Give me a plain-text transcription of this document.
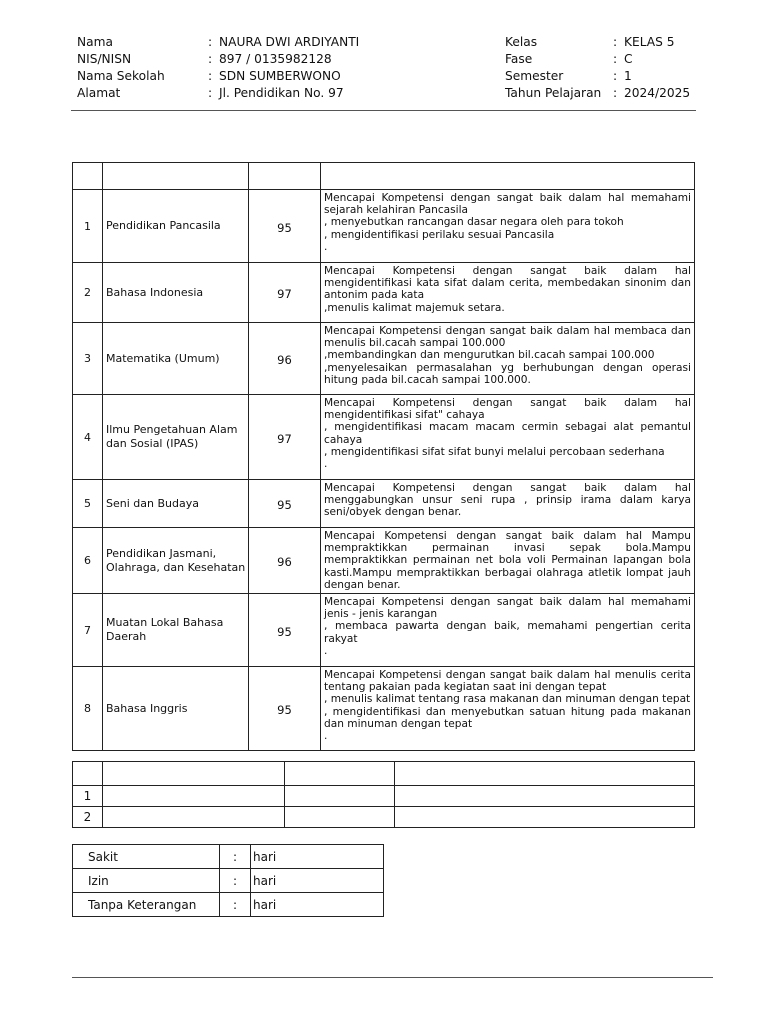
Nama	: NAURA DWI ARDIYANTI
NIS/NISN	: 897 / 0135982128
Nama Sekolah	: SDN SUMBERWONO
Alamat	: Jl. Pendidikan No. 97
Kelas	: KELAS 5
Fase	: C
Semester	: 1
Tahun Pelajaran : 2024/2025

1	Pendidikan Pancasila	95	Mencapai Kompetensi dengan sangat baik dalam hal memahami sejarah kelahiran Pancasila
, menyebutkan rancangan dasar negara oleh para tokoh
, mengidentifikasi perilaku sesuai Pancasila
.

2	Bahasa Indonesia	97	Mencapai Kompetensi dengan sangat baik dalam hal mengidentifikasi kata sifat dalam cerita, membedakan sinonim dan antonim pada kata
,menulis kalimat majemuk setara.

3	Matematika (Umum)	96	Mencapai Kompetensi dengan sangat baik dalam hal membaca dan menulis bil.cacah sampai 100.000
,membandingkan dan mengurutkan bil.cacah sampai 100.000
,menyelesaikan permasalahan yg berhubungan dengan operasi hitung pada bil.cacah sampai 100.000.

4	Ilmu Pengetahuan Alam dan Sosial (IPAS)	97	Mencapai Kompetensi dengan sangat baik dalam hal mengidentifikasi sifat" cahaya
, mengidentifikasi macam macam cermin sebagai alat pemantul cahaya
, mengidentifikasi sifat sifat bunyi melalui percobaan sederhana
.

5	Seni dan Budaya	95	Mencapai Kompetensi dengan sangat baik dalam hal menggabungkan unsur seni rupa , prinsip irama dalam karya seni/obyek dengan benar.

6	Pendidikan Jasmani, Olahraga, dan Kesehatan	96	Mencapai Kompetensi dengan sangat baik dalam hal Mampu mempraktikkan permainan invasi sepak bola.Mampu mempraktikkan permainan net bola voli Permainan lapangan bola kasti.Mampu mempraktikkan berbagai olahraga atletik lompat jauh dengan benar.

7	Muatan Lokal Bahasa Daerah	95	Mencapai Kompetensi dengan sangat baik dalam hal memahami jenis - jenis karangan
, membaca pawarta dengan baik, memahami pengertian cerita rakyat
.

8	Bahasa Inggris	95	Mencapai Kompetensi dengan sangat baik dalam hal menulis cerita tentang pakaian pada kegiatan saat ini dengan tepat
, menulis kalimat tentang rasa makanan dan minuman dengan tepat
, mengidentifikasi dan menyebutkan satuan hitung pada makanan dan minuman dengan tepat
.

1			
2			
Sakit	:	hari
Izin	:	hari
Tanpa Keterangan	:	hari
